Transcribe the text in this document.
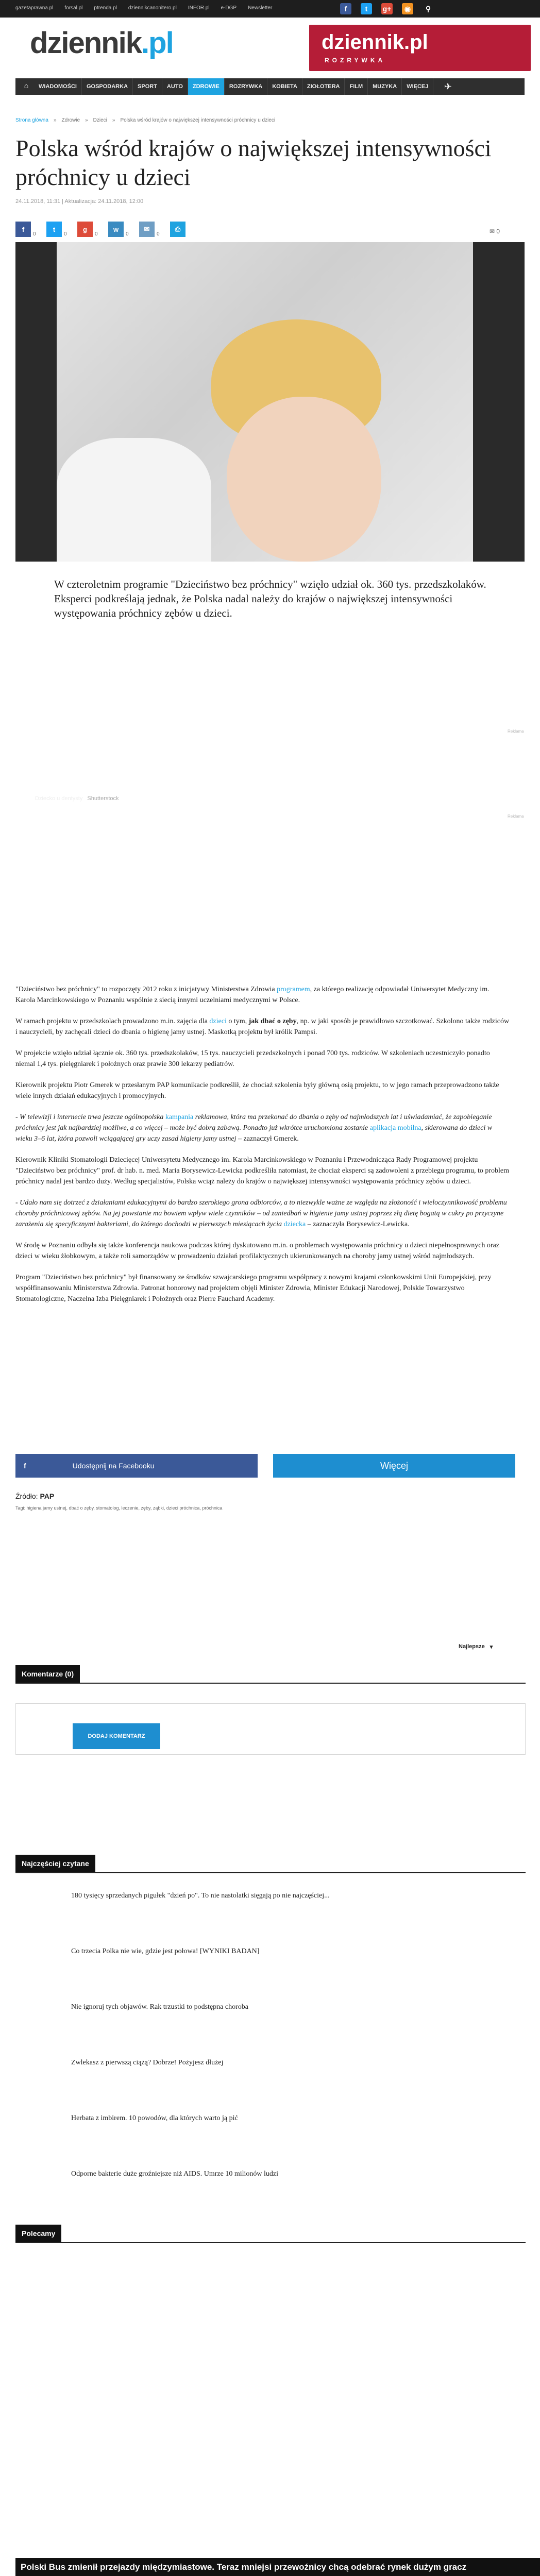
gazetaprawna.pl forsal.pl ptrenda.pl dziennikcanonitero.pl INFOR.pl e-DGP Newsletter	f	t	g+	◉	⚲
dziennik.pl	dziennik.pl
ROZRYWKA
⌂	WIADOMOŚCI	GOSPODARKA	SPORT	AUTO	ZDROWIE	ROZRYWKA	KOBIETA	ZIOŁOTERA	FILM	MUZYKA	WIĘCEJ	✈
Strona główna » Zdrowie » Dzieci » Polska wśród krajów o największej intensywności próchnicy u dzieci
Polska wśród krajów o największej intensywności próchnicy u dzieci
24.11.2018, 11:31 | Aktualizacja: 24.11.2018, 12:00
f
0
t
0
g
0
w
0
✉
0
⎙	✉ 0
Dziecko u dentysty Shutterstock
W czteroletnim programie "Dzieciństwo bez próchnicy" wzięło udział ok. 360 tys. przedszkolaków. Eksperci podkreślają jednak, że Polska nadal należy do krajów o największej intensywności występowania próchnicy zębów u dzieci.
Reklama
Reklama

"Dzieciństwo bez próchnicy" to rozpoczęty 2012 roku z inicjatywy Ministerstwa Zdrowia programem, za którego realizację odpowiadał Uniwersytet Medyczny im. Karola Marcinkowskiego w Poznaniu wspólnie z siecią innymi uczelniami medycznymi w Polsce.

W ramach projektu w przedszkolach prowadzono m.in. zajęcia dla dzieci o tym, jak dbać o zęby, np. w jaki sposób je prawidłowo szczotkować. Szkolono także rodziców i nauczycieli, by zachęcali dzieci do dbania o higienę jamy ustnej. Maskotką projektu był królik Pampsi.

W projekcie wzięło udział łącznie ok. 360 tys. przedszkolaków, 15 tys. nauczycieli przedszkolnych i ponad 700 tys. rodziców. W szkoleniach uczestniczyło ponadto niemal 1,4 tys. pielęgniarek i położnych oraz prawie 300 lekarzy pediatrów.

Kierownik projektu Piotr Gmerek w przesłanym PAP komunikacie podkreślił, że chociaż szkolenia były główną osią projektu, to w jego ramach przeprowadzono także wiele innych działań edukacyjnych i promocyjnych.

- W telewizji i internecie trwa jeszcze ogólnopolska kampania reklamowa, która ma przekonać do dbania o zęby od najmłodszych lat i uświadamiać, że zapobieganie próchnicy jest jak najbardziej możliwe, a co więcej – może być dobrą zabawą. Ponadto już wkrótce uruchomiona zostanie aplikacja mobilna, skierowana do dzieci w wieku 3–6 lat, która pozwoli wciągającej gry uczy zasad higieny jamy ustnej – zaznaczył Gmerek.

Kierownik Kliniki Stomatologii Dziecięcej Uniwersytetu Medycznego im. Karola Marcinkowskiego w Poznaniu i Przewodnicząca Rady Programowej projektu "Dzieciństwo bez próchnicy" prof. dr hab. n. med. Maria Borysewicz-Lewicka podkreśliła natomiast, że chociaż eksperci są zadowoleni z przebiegu programu, to problem próchnicy nadal jest bardzo duży. Według specjalistów, Polska wciąż należy do krajów o największej intensywności występowania próchnicy zębów u dzieci.

- Udało nam się dotrzeć z działaniami edukacyjnymi do bardzo szerokiego grona odbiorców, a to niezwykle ważne ze względu na złożoność i wieloczynnikowość problemu choroby próchnicowej zębów. Na jej powstanie ma bowiem wpływ wiele czynników – od zaniedbań w higienie jamy ustnej poprzez złą dietę bogatą w cukry po przyczyne zarażenia się specyficznymi bakteriami, do którego dochodzi w pierwszych miesiącach życia dziecka – zaznaczyła Borysewicz-Lewicka.

W środę w Poznaniu odbyła się także konferencja naukowa podczas której dyskutowano m.in. o problemach występowania próchnicy u dzieci niepełnosprawnych oraz dzieci w wieku żłobkowym, a także roli samorządów w prowadzeniu działań profilaktycznych ukierunkowanych na choroby jamy ustnej wśród najmłodszych.

Program "Dzieciństwo bez próchnicy" był finansowany ze środków szwajcarskiego programu współpracy z nowymi krajami członkowskimi Unii Europejskiej, przy współfinansowaniu Ministerstwa Zdrowia. Patronat honorowy nad projektem objęli Minister Zdrowia, Minister Edukacji Narodowej, Polskie Towarzystwo Stomatologiczne, Naczelna Izba Pielęgniarek i Położnych oraz Pierre Fauchard Academy.

f	Udostępnij na Facebooku	Więcej
Źródło: PAP
Tagi: higiena jamy ustnej, dbać o zęby, stomatolog, leczenie, zęby, ząbki, dzieci próchnica, próchnica
Najlepsze ▾
Komentarze (0)
DODAJ KOMENTARZ
Najczęściej czytane
180 tysięcy sprzedanych pigułek "dzień po". To nie nastolatki sięgają po nie najczęściej...
Co trzecia Polka nie wie, gdzie jest połowa! [WYNIKI BADAN]
Nie ignoruj tych objawów. Rak trzustki to podstępna choroba
Zwlekasz z pierwszą ciążą? Dobrze! Pożyjesz dłużej
Herbata z imbirem. 10 powodów, dla których warto ją pić
Odporne bakterie duże groźniejsze niż AIDS. Umrze 10 milionów ludzi
Polecamy
Polski Bus zmienił przejazdy międzymiastowe. Teraz mniejsi przewoźnicy chcą odebrać rynek dużym gracz
